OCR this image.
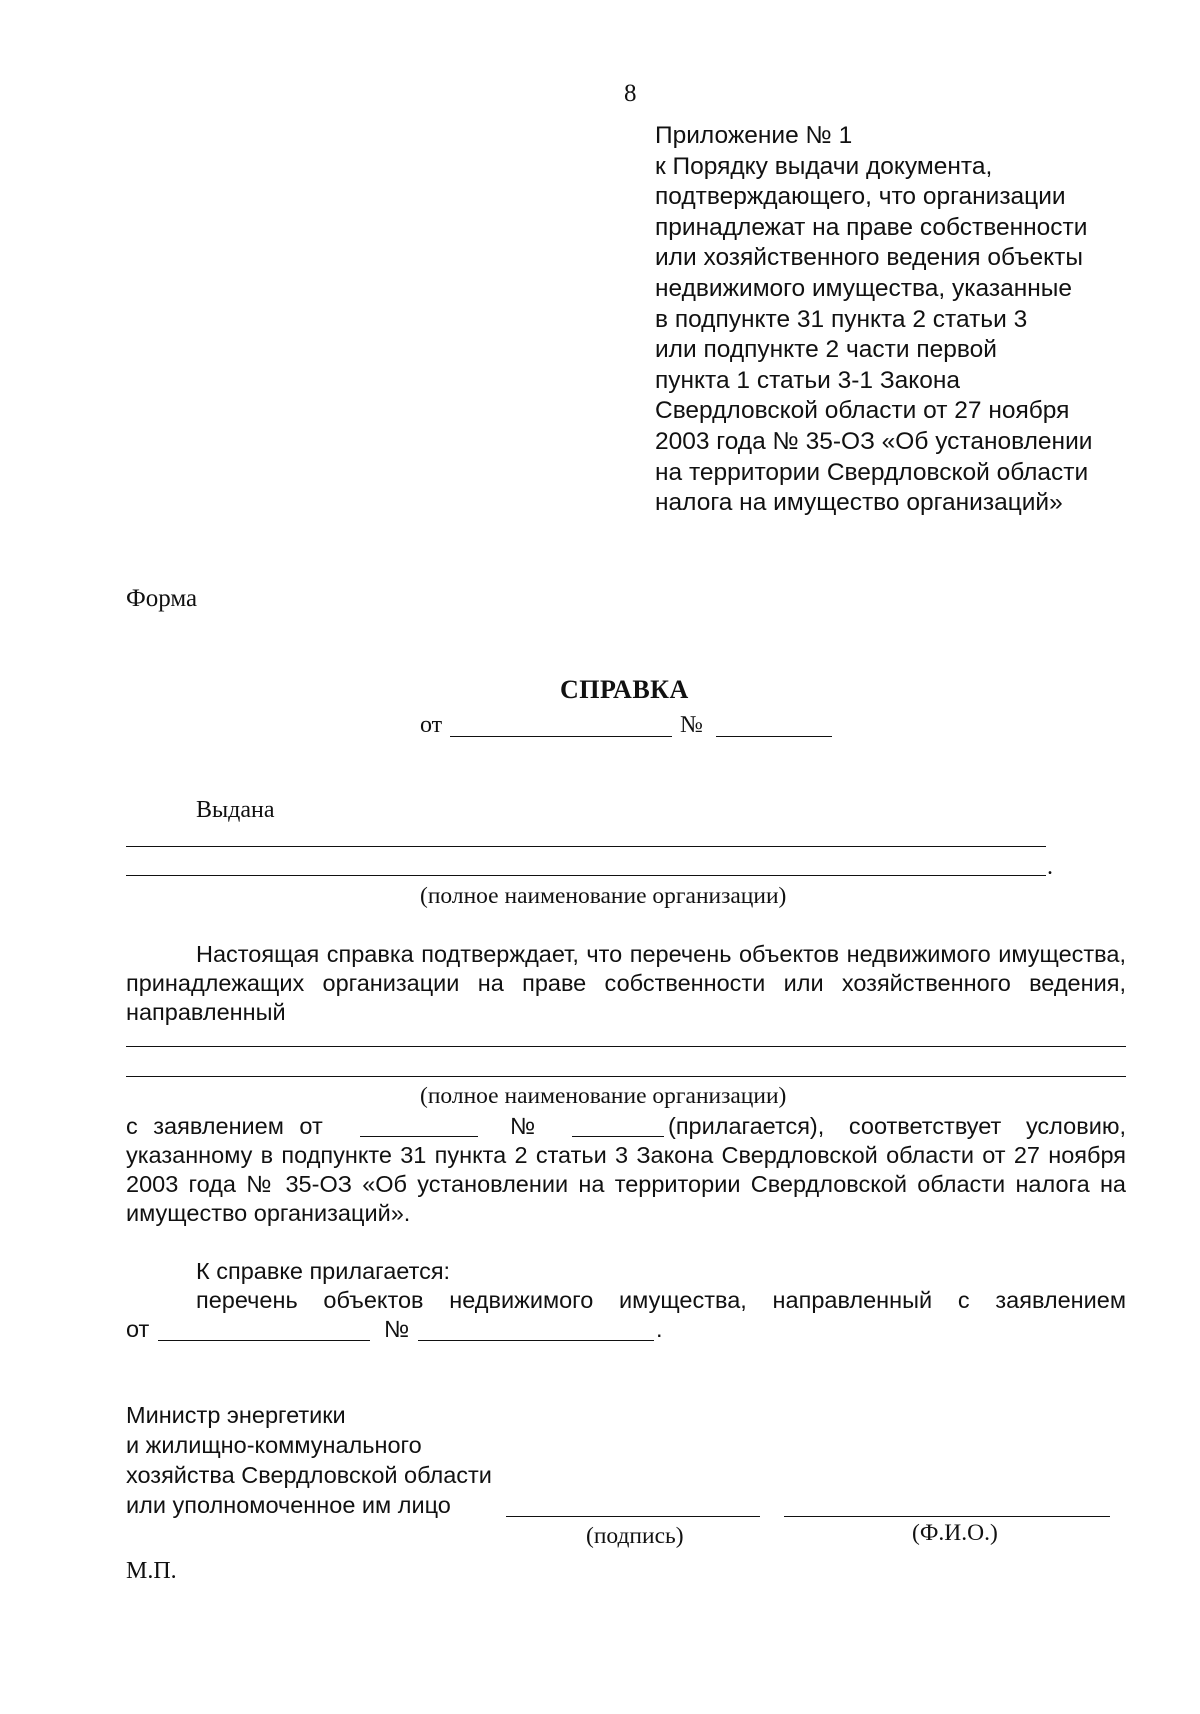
8
Приложение № 1
к Порядку выдачи документа,
подтверждающего, что организации
принадлежат на праве собственности
или хозяйственного ведения объекты
недвижимого имущества, указанные
в подпункте 31 пункта 2 статьи 3
или подпункте 2 части первой
пункта 1 статьи 3-1 Закона
Свердловской области от 27 ноября
2003 года № 35-ОЗ «Об установлении
на территории Свердловской области
налога на имущество организаций»
Форма
СПРАВКА
от	№
Выдана
.
(полное наименование организации)
Настоящая справка подтверждает, что перечень объектов недвижимого имущества,
принадлежащих организации на праве собственности или хозяйственного ведения,
направленный
(полное наименование организации)
с заявлением от	№	(прилагается), соответствует условию,
указанному в подпункте 31 пункта 2 статьи 3 Закона Свердловской области от 27 ноября
2003 года № 35-ОЗ «Об установлении на территории Свердловской области налога на
имущество организаций».
К справке прилагается:
перечень объектов недвижимого имущества, направленный с заявлением
от	№	.
Министр энергетики
и жилищно-коммунального
хозяйства Свердловской области
или уполномоченное им лицо
(подпись)	(Ф.И.О.)
М.П.
